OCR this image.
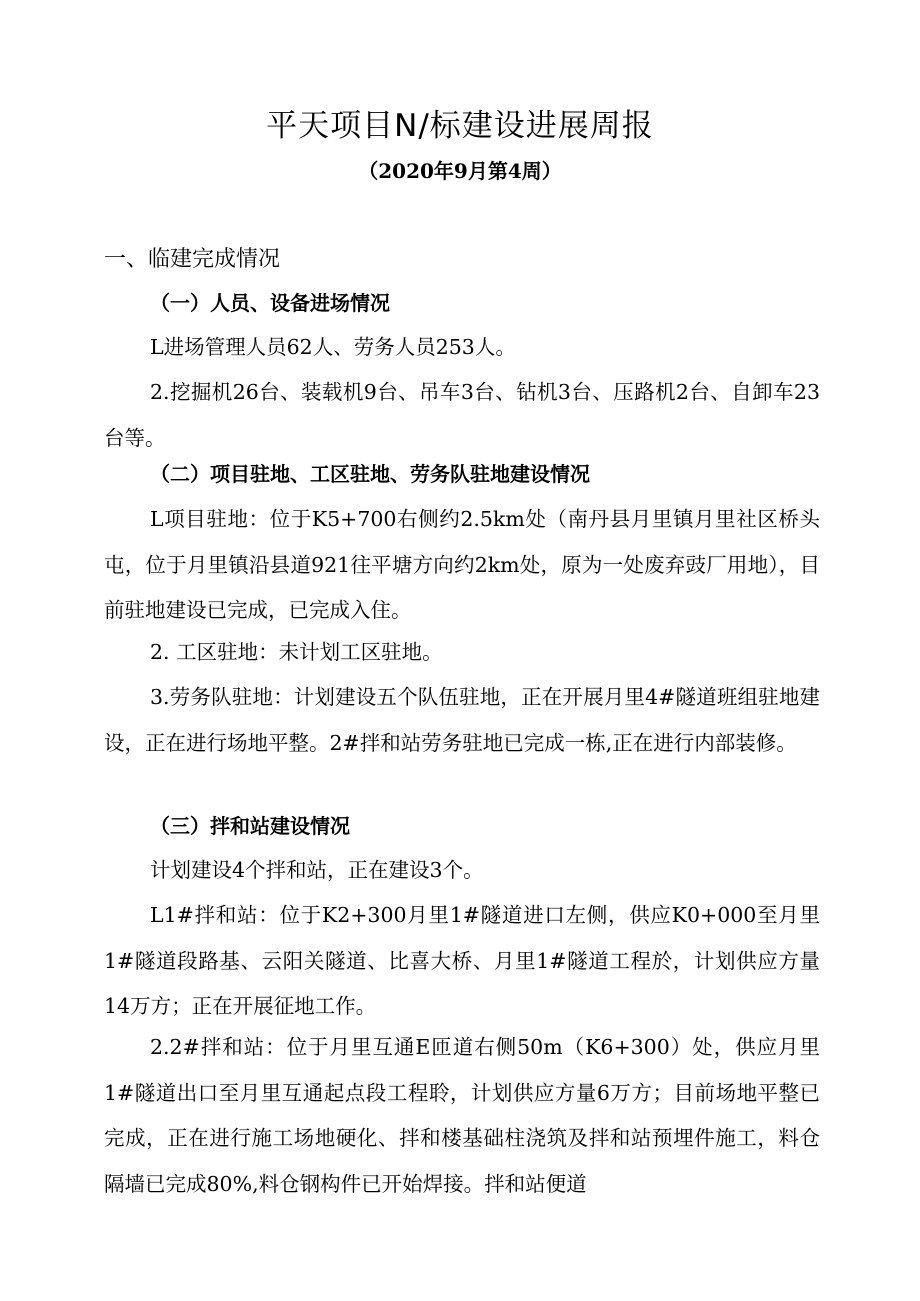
平天项目N/标建设进展周报
（2020年9月第4周）
一、临建完成情况
（一）人员、设备进场情况

L进场管理人员62人、劳务人员253人。

2.挖掘机26台、装载机9台、吊车3台、钻机3台、压路机2台、自卸车23台等。

（二）项目驻地、工区驻地、劳务队驻地建设情况

L项目驻地：位于K5+700右侧约2.5km处（南丹县月里镇月里社区桥头屯，位于月里镇沿县道921往平塘方向约2km处，原为一处废弃豉厂用地），目前驻地建设已完成，已完成入住。

2. 工区驻地：未计划工区驻地。

3.劳务队驻地：计划建设五个队伍驻地，正在开展月里4#隧道班组驻地建设，正在进行场地平整。2#拌和站劳务驻地已完成一栋,正在进行内部装修。

（三）拌和站建设情况

计划建设4个拌和站，正在建设3个。

L1#拌和站：位于K2+300月里1#隧道进口左侧，供应K0+000至月里1#隧道段路基、云阳关隧道、比喜大桥、月里1#隧道工程於，计划供应方量14万方；正在开展征地工作。

2.2#拌和站：位于月里互通E匝道右侧50m（K6+300）处，供应月里1#隧道出口至月里互通起点段工程聆，计划供应方量6万方；目前场地平整已完成，正在进行施工场地硬化、拌和楼基础柱浇筑及拌和站预埋件施工，料仓隔墙已完成80%,料仓钢构件已开始焊接。拌和站便道
